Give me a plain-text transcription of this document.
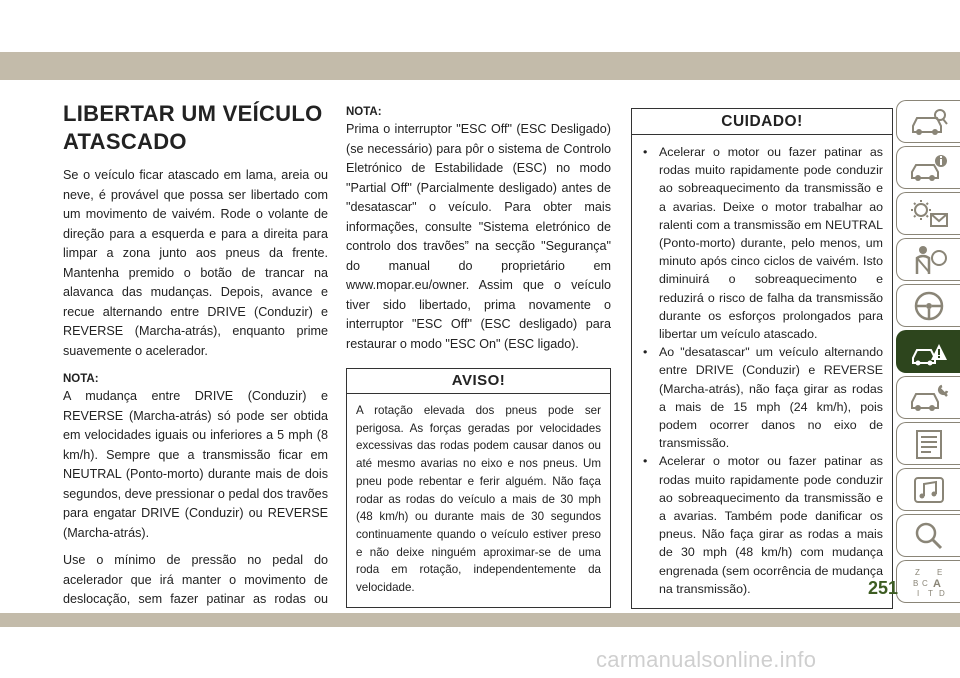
LIBERTAR UM VEÍCULO ATASCADO

Se o veículo ficar atascado em lama, areia ou neve, é provável que possa ser libertado com um movimento de vaivém. Rode o volante de direção para a esquerda e para a direita para limpar a zona junto aos pneus da frente. Mantenha premido o botão de trancar na alavanca das mudanças. Depois, avance e recue alternando entre DRIVE (Conduzir) e REVERSE (Marcha-atrás), enquanto prime suavemente o acelerador.

NOTA:

A mudança entre DRIVE (Conduzir) e REVERSE (Marcha-atrás) só pode ser obtida em velocidades iguais ou inferiores a 5 mph (8 km/h). Sempre que a transmissão ficar em NEUTRAL (Ponto-morto) durante mais de dois segundos, deve pressionar o pedal dos travões para engatar DRIVE (Conduzir) ou REVERSE (Marcha-atrás).

Use o mínimo de pressão no pedal do acelerador que irá manter o movimento de deslocação, sem fazer patinar as rodas ou

NOTA:

Prima o interruptor "ESC Off" (ESC Desligado) (se necessário) para pôr o sistema de Controlo Eletrónico de Estabilidade (ESC) no modo "Partial Off" (Parcialmente desligado) antes de "desatascar" o veículo. Para obter mais informações, consulte "Sistema eletrónico de controlo dos travões” na secção "Segurança" do manual do proprietário em www.mopar.eu/owner. Assim que o veículo tiver sido libertado, prima novamente o interruptor "ESC Off" (ESC desligado) para restaurar o modo "ESC On" (ESC ligado).

AVISO!
A rotação elevada dos pneus pode ser perigosa. As forças geradas por velocidades excessivas das rodas podem causar danos ou até mesmo avarias no eixo e nos pneus. Um pneu pode rebentar e ferir alguém. Não faça rodar as rodas do veículo a mais de 30 mph (48 km/h) ou durante mais de 30 segundos continuamente quando o veículo estiver preso e não deixe ninguém aproximar-se de uma roda em rotação, independentemente da velocidade.
CUIDADO!
• Acelerar o motor ou fazer patinar as rodas muito rapidamente pode conduzir ao sobreaquecimento da transmissão e a avarias. Deixe o motor trabalhar ao ralenti com a transmissão em NEUTRAL (Ponto-morto) durante, pelo menos, um minuto após cinco ciclos de vaivém. Isto diminuirá o sobreaquecimento e reduzirá o risco de falha da transmissão durante os esforços prolongados para libertar um veículo atascado.
• Ao "desatascar" um veículo alternando entre DRIVE (Conduzir) e REVERSE (Marcha-atrás), não faça girar as rodas a mais de 15 mph (24 km/h), pois podem ocorrer danos no eixo de transmissão.
• Acelerar o motor ou fazer patinar as rodas muito rapidamente pode conduzir ao sobreaquecimento da transmissão e a avarias. Também pode danificar os pneus. Não faça girar as rodas a mais de 30 mph (48 km/h) com mudança engrenada (sem ocorrência de mudança na transmissão).
Z E
B A
C
D
I T
251
carmanualsonline.info
